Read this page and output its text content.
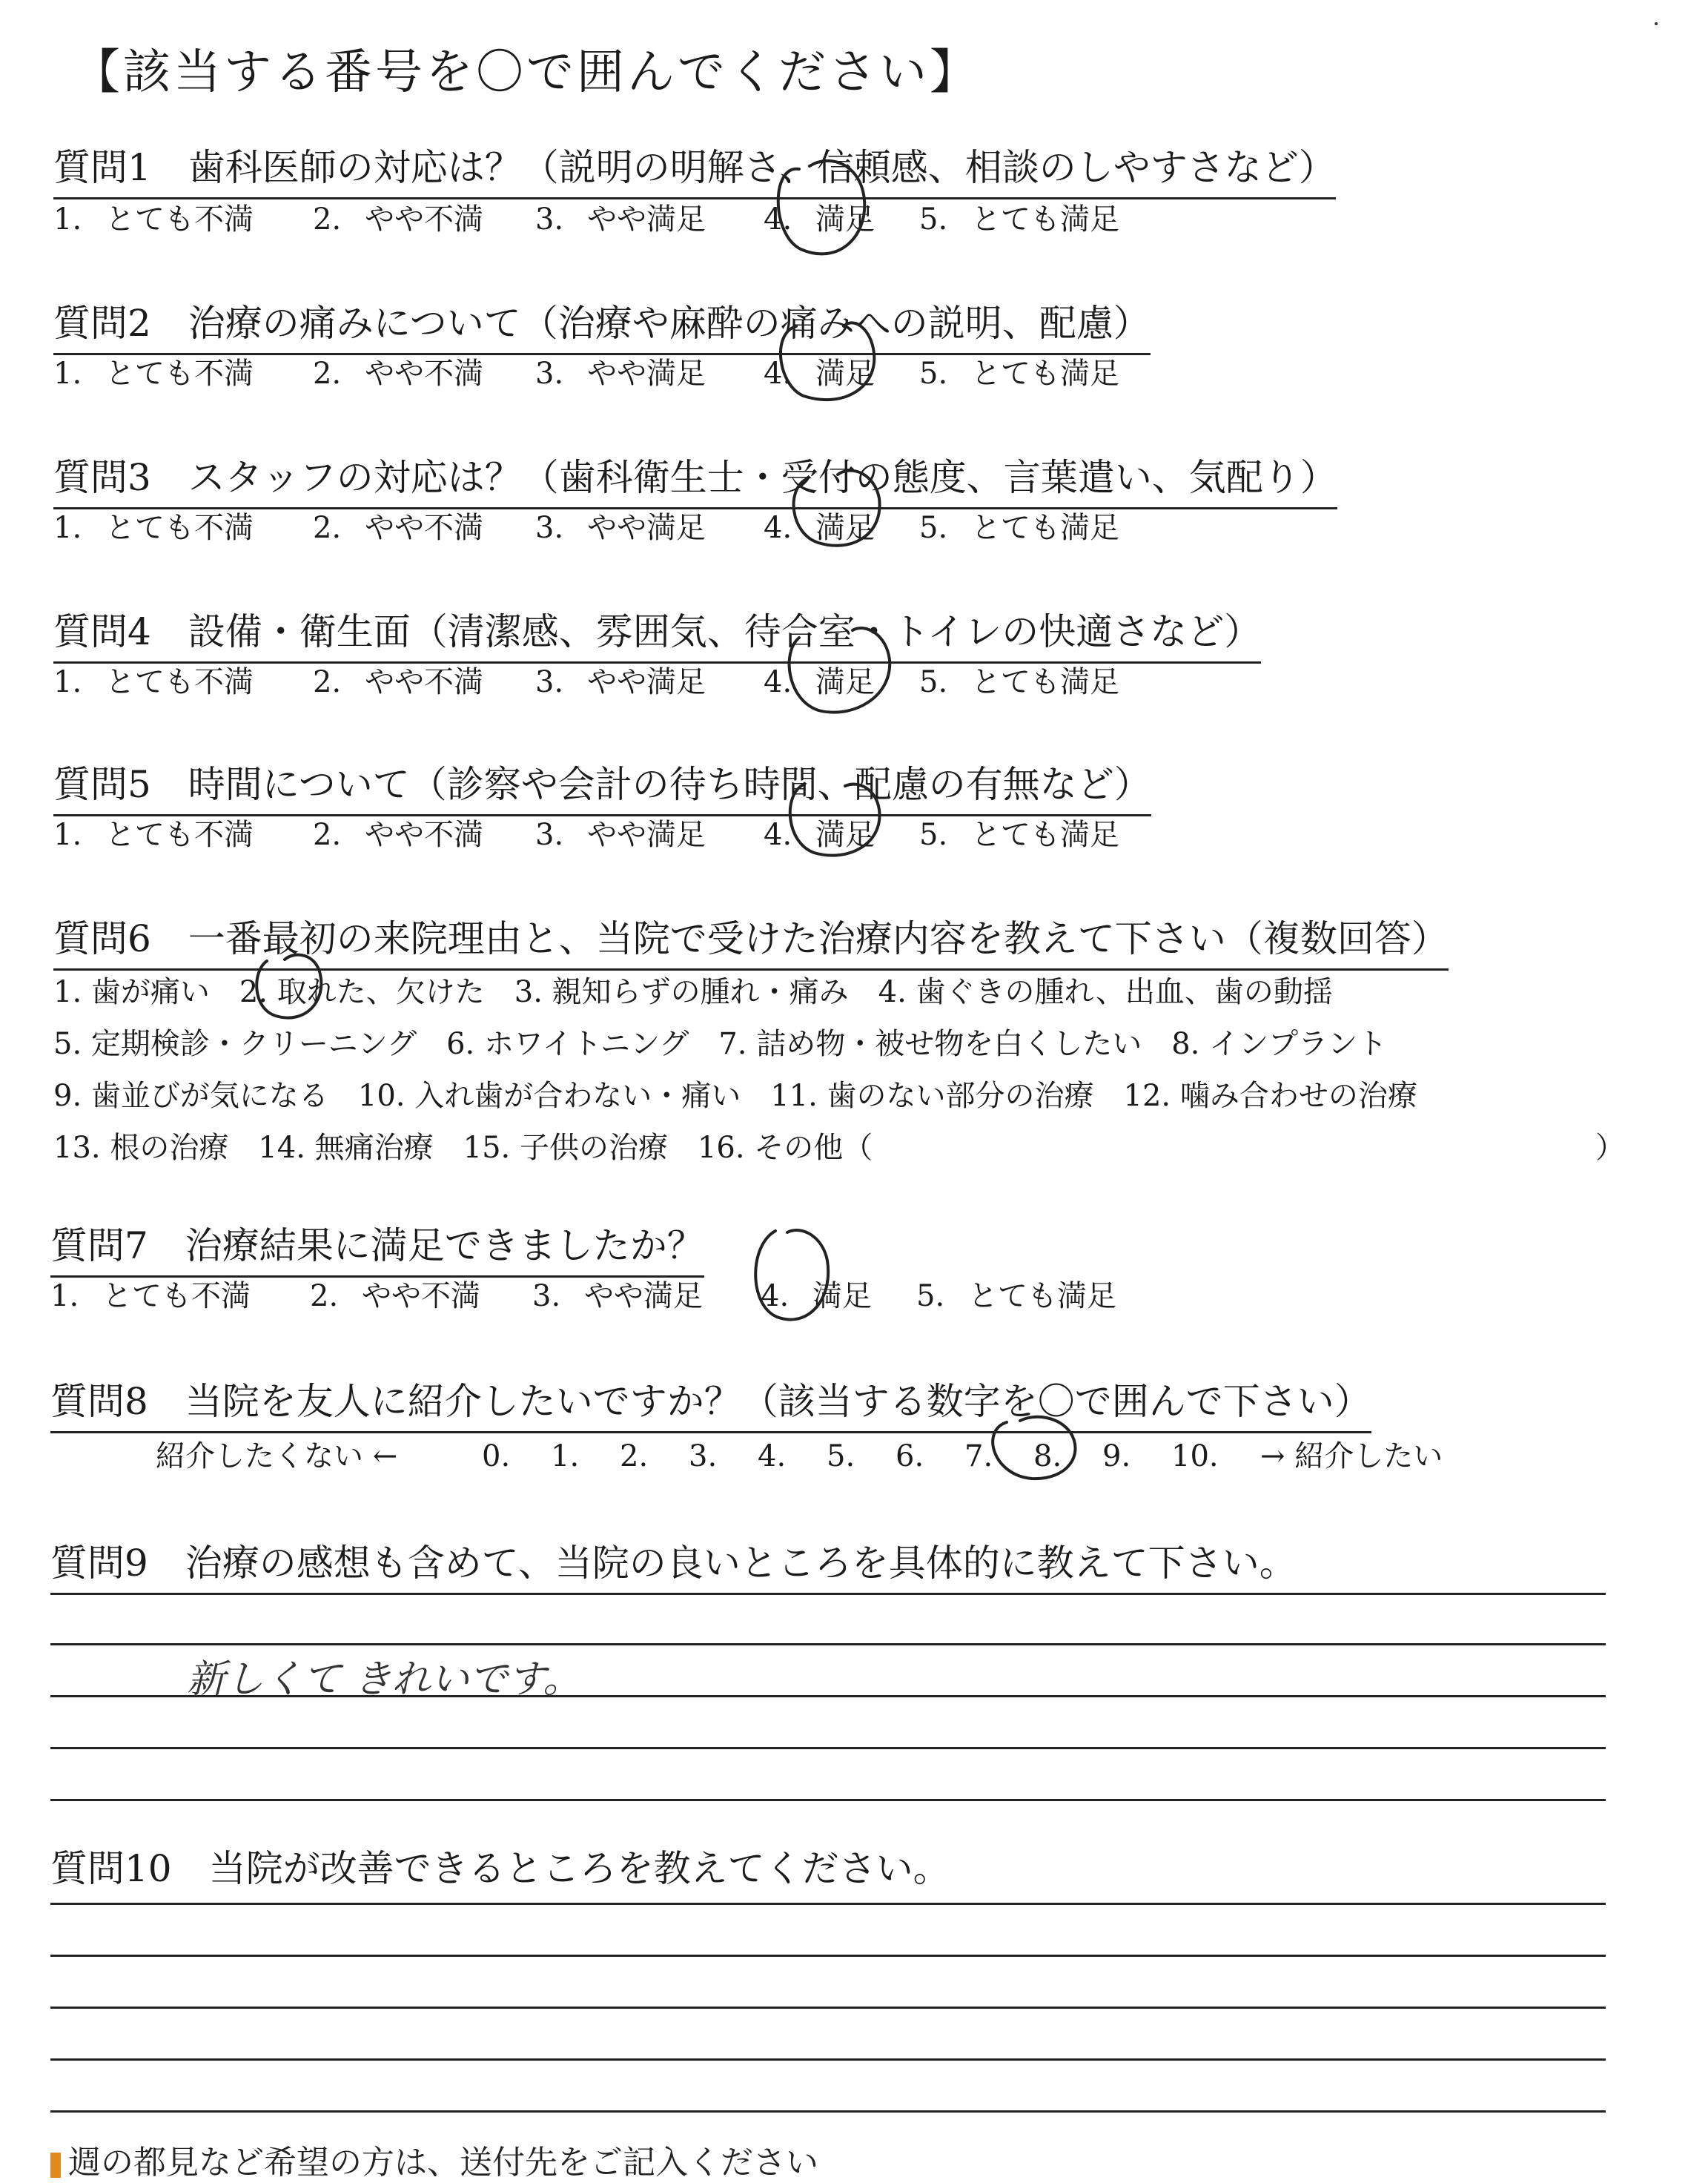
【該当する番号を〇で囲んでください】
質問1　歯科医師の対応は？（説明の明解さ、信頼感、相談のしやすさなど）
1. とても不満 2. やや不満 3. やや満足 4. 満足 5. とても満足
質問2　治療の痛みについて（治療や麻酔の痛みへの説明、配慮）
1. とても不満 2. やや不満 3. やや満足 4. 満足 5. とても満足
質問3　スタッフの対応は？（歯科衛生士・受付の態度、言葉遣い、気配り）
1. とても不満 2. やや不満 3. やや満足 4. 満足 5. とても満足
質問4　設備・衛生面（清潔感、雰囲気、待合室・トイレの快適さなど）
1. とても不満 2. やや不満 3. やや満足 4. 満足 5. とても満足
質問5　時間について（診察や会計の待ち時間、配慮の有無など）
1. とても不満 2. やや不満 3. やや満足 4. 満足 5. とても満足
質問6　一番最初の来院理由と、当院で受けた治療内容を教えて下さい（複数回答）
1. 歯が痛い　2. 取れた、欠けた　3. 親知らずの腫れ・痛み　4. 歯ぐきの腫れ、出血、歯の動揺
5. 定期検診・クリーニング　6. ホワイトニング　7. 詰め物・被せ物を白くしたい　8. インプラント
9. 歯並びが気になる　10. 入れ歯が合わない・痛い　11. 歯のない部分の治療　12. 噛み合わせの治療
13. 根の治療　14. 無痛治療　15. 子供の治療　16. その他（	）
質問7　治療結果に満足できましたか？
1. とても不満 2. やや不満 3. やや満足 4. 満足 5. とても満足
質問8　当院を友人に紹介したいですか？（該当する数字を〇で囲んで下さい）
紹介したくない ←	0. 1. 2. 3. 4. 5. 6. 7. 8. 9. 10. → 紹介したい
質問9　治療の感想も含めて、当院の良いところを具体的に教えて下さい。
新しくて きれいです。
質問10　当院が改善できるところを教えてください。
週の都見など希望の方は、送付先をご記入ください
